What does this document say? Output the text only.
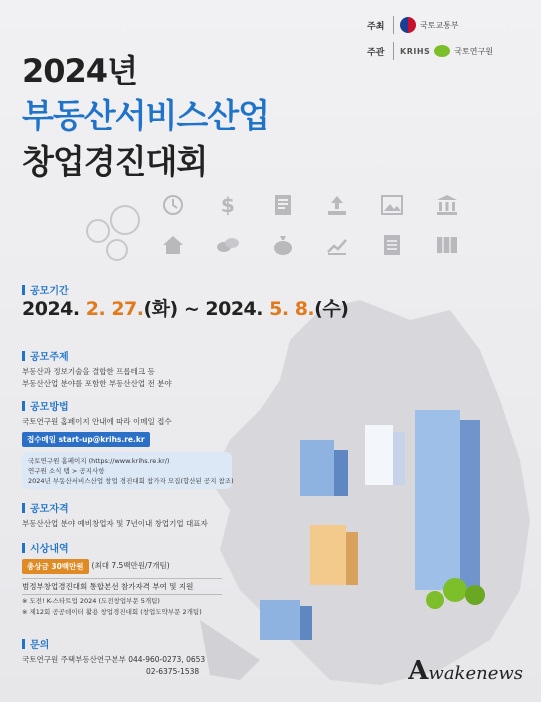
주최	국토교통부
주관	KRIHS	국토연구원
2024년
부동산서비스산업
창업경진대회
$
공모기간
2024. 2. 27.(화) ~ 2024. 5. 8.(수)
공모주제
부동산과 정보기술을 결합한 프롭테크 등
부동산산업 분야를 포함한 부동산산업 전 분야
공모방법
국토연구원 홈페이지 안내에 따라 이메일 접수
접수메일 start-up@krihs.re.kr
국토연구원 홈페이지 (https://www.krihs.re.kr/)
연구원 소식 탭 > 공지사항
2024년 부동산서비스산업 창업 경진대회 참가자 모집(합산된 공지 참조)
공모자격
부동산산업 분야 예비창업자 및 7년이내 창업기업 대표자
시상내역
총상금 30백만원	(최대 7.5백만원/7개팀)
범정부창업경진대회 통합본선 참가자격 부여 및 지원
※ 도전! K-스타트업 2024 (도전창업부문 5개팀)
※ 제12회 공공데이터 활용 창업경진대회 (창업도약부문 2개팀)
문의
국토연구원 주택부동산연구본부 044-960-0273, 0653
02-6375-1538	Awakenews
